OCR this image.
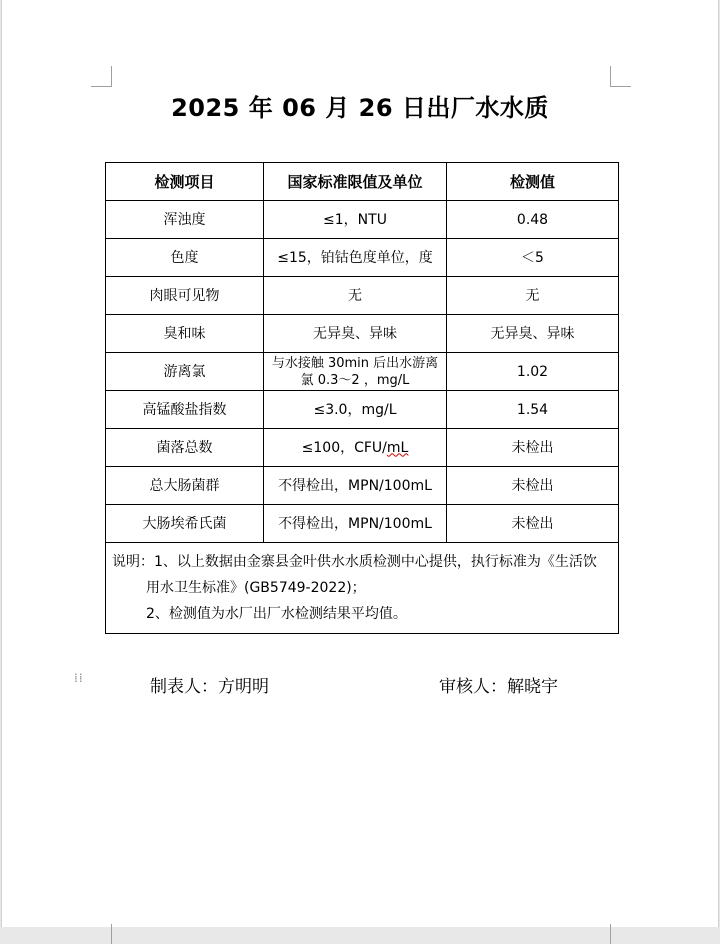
2025 年 06 月 26 日出厂水水质
检测项目	国家标准限值及单位	检测值
浑浊度	≤1，NTU	0.48
色度	≤15，铂钴色度单位，度	＜5
肉眼可见物	无	无
臭和味	无异臭、异味	无异臭、异味
游离氯	与水接触 30min 后出水游离氯 0.3～2 ，mg/L	1.02
高锰酸盐指数	≤3.0，mg/L	1.54
菌落总数	≤100，CFU/mL	未检出
总大肠菌群	不得检出，MPN/100mL	未检出
大肠埃希氏菌	不得检出，MPN/100mL	未检出

说明：1、以上数据由金寨县金叶供水水质检测中心提供，执行标准为《生活饮
用水卫生标准》(GB5749-2022)；
2、检测值为水厂出厂水检测结果平均值。		
⁞⁞	制表人：方明明	审核人：解晓宇
